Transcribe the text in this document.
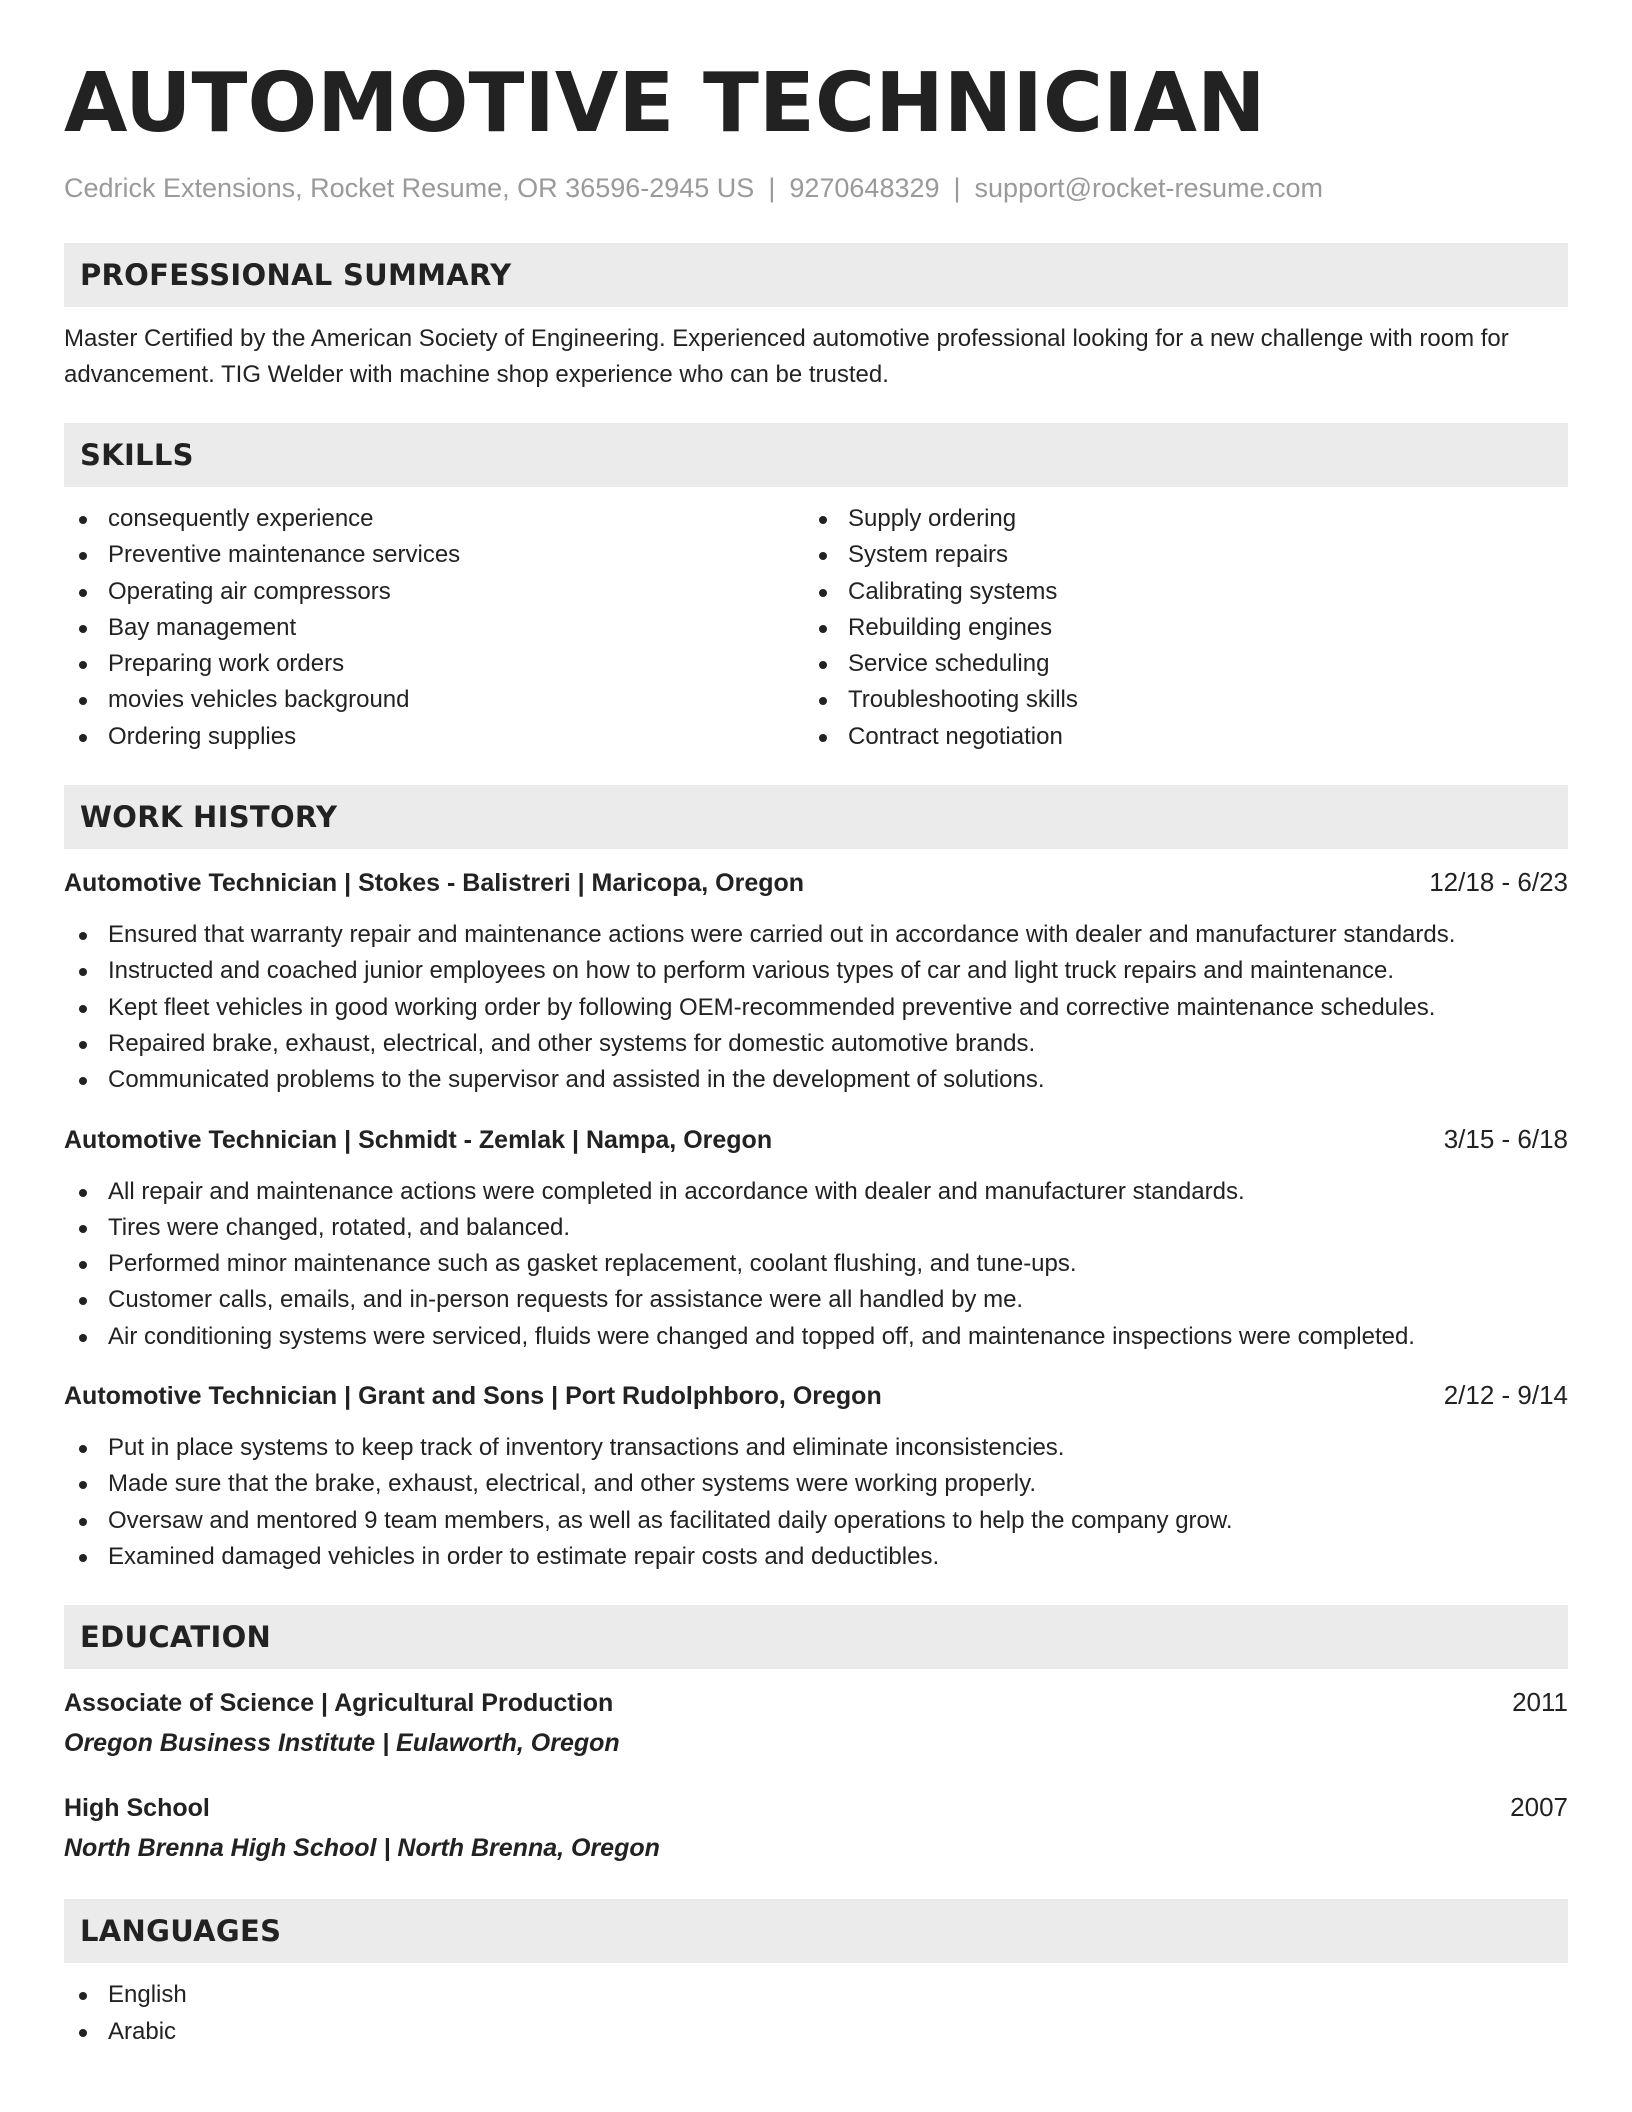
AUTOMOTIVE TECHNICIAN
Cedrick Extensions, Rocket Resume, OR 36596-2945 US | 9270648329 | support@rocket-resume.com
PROFESSIONAL SUMMARY
Master Certified by the American Society of Engineering. Experienced automotive professional looking for a new challenge with room for advancement. TIG Welder with machine shop experience who can be trusted.
SKILLS
consequently experience
Preventive maintenance services
Operating air compressors
Bay management
Preparing work orders
movies vehicles background
Ordering supplies
Supply ordering
System repairs
Calibrating systems
Rebuilding engines
Service scheduling
Troubleshooting skills
Contract negotiation
WORK HISTORY
Automotive Technician | Stokes - Balistreri | Maricopa, Oregon	12/18 - 6/23
Ensured that warranty repair and maintenance actions were carried out in accordance with dealer and manufacturer standards.
Instructed and coached junior employees on how to perform various types of car and light truck repairs and maintenance.
Kept fleet vehicles in good working order by following OEM-recommended preventive and corrective maintenance schedules.
Repaired brake, exhaust, electrical, and other systems for domestic automotive brands.
Communicated problems to the supervisor and assisted in the development of solutions.
Automotive Technician | Schmidt - Zemlak | Nampa, Oregon	3/15 - 6/18
All repair and maintenance actions were completed in accordance with dealer and manufacturer standards.
Tires were changed, rotated, and balanced.
Performed minor maintenance such as gasket replacement, coolant flushing, and tune-ups.
Customer calls, emails, and in-person requests for assistance were all handled by me.
Air conditioning systems were serviced, fluids were changed and topped off, and maintenance inspections were completed.
Automotive Technician | Grant and Sons | Port Rudolphboro, Oregon	2/12 - 9/14
Put in place systems to keep track of inventory transactions and eliminate inconsistencies.
Made sure that the brake, exhaust, electrical, and other systems were working properly.
Oversaw and mentored 9 team members, as well as facilitated daily operations to help the company grow.
Examined damaged vehicles in order to estimate repair costs and deductibles.
EDUCATION
Associate of Science | Agricultural Production	2011
Oregon Business Institute | Eulaworth, Oregon
High School	2007
North Brenna High School | North Brenna, Oregon
LANGUAGES
English
Arabic
